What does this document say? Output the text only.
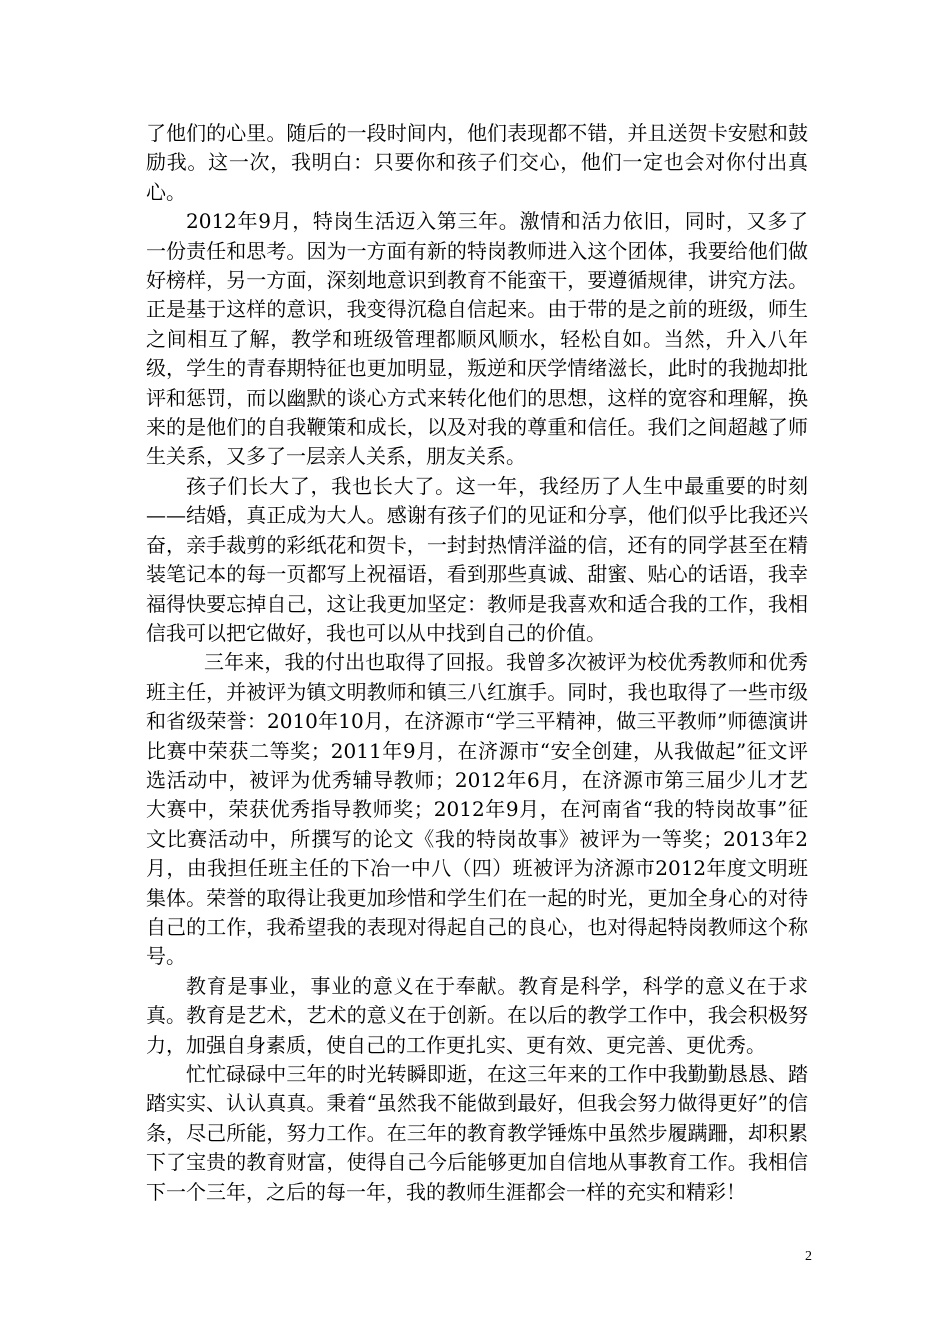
了他们的心里。随后的一段时间内，他们表现都不错，并且送贺卡安慰和鼓励我。这一次，我明白：只要你和孩子们交心，他们一定也会对你付出真心。

2012年9月，特岗生活迈入第三年。激情和活力依旧，同时，又多了一份责任和思考。因为一方面有新的特岗教师进入这个团体，我要给他们做好榜样，另一方面，深刻地意识到教育不能蛮干，要遵循规律，讲究方法。正是基于这样的意识，我变得沉稳自信起来。由于带的是之前的班级，师生之间相互了解，教学和班级管理都顺风顺水，轻松自如。当然，升入八年级，学生的青春期特征也更加明显，叛逆和厌学情绪滋长，此时的我抛却批评和惩罚，而以幽默的谈心方式来转化他们的思想，这样的宽容和理解，换来的是他们的自我鞭策和成长，以及对我的尊重和信任。我们之间超越了师生关系，又多了一层亲人关系，朋友关系。

孩子们长大了，我也长大了。这一年，我经历了人生中最重要的时刻——结婚，真正成为大人。感谢有孩子们的见证和分享，他们似乎比我还兴奋，亲手裁剪的彩纸花和贺卡，一封封热情洋溢的信，还有的同学甚至在精装笔记本的每一页都写上祝福语，看到那些真诚、甜蜜、贴心的话语，我幸福得快要忘掉自己，这让我更加坚定：教师是我喜欢和适合我的工作，我相信我可以把它做好，我也可以从中找到自己的价值。

三年来，我的付出也取得了回报。我曾多次被评为校优秀教师和优秀班主任，并被评为镇文明教师和镇三八红旗手。同时，我也取得了一些市级和省级荣誉：2010年10月，在济源市“学三平精神，做三平教师”师德演讲比赛中荣获二等奖；2011年9月，在济源市“安全创建，从我做起”征文评选活动中，被评为优秀辅导教师；2012年6月，在济源市第三届少儿才艺大赛中，荣获优秀指导教师奖；2012年9月，在河南省“我的特岗故事”征文比赛活动中，所撰写的论文《我的特岗故事》被评为一等奖；2013年2月，由我担任班主任的下冶一中八（四）班被评为济源市2012年度文明班集体。荣誉的取得让我更加珍惜和学生们在一起的时光，更加全身心的对待自己的工作，我希望我的表现对得起自己的良心，也对得起特岗教师这个称号。

教育是事业，事业的意义在于奉献。教育是科学，科学的意义在于求真。教育是艺术，艺术的意义在于创新。在以后的教学工作中，我会积极努力，加强自身素质，使自己的工作更扎实、更有效、更完善、更优秀。

忙忙碌碌中三年的时光转瞬即逝，在这三年来的工作中我勤勤恳恳、踏踏实实、认认真真。秉着“虽然我不能做到最好，但我会努力做得更好”的信条，尽己所能，努力工作。在三年的教育教学锤炼中虽然步履蹒跚，却积累下了宝贵的教育财富，使得自己今后能够更加自信地从事教育工作。我相信下一个三年，之后的每一年，我的教师生涯都会一样的充实和精彩！

2
